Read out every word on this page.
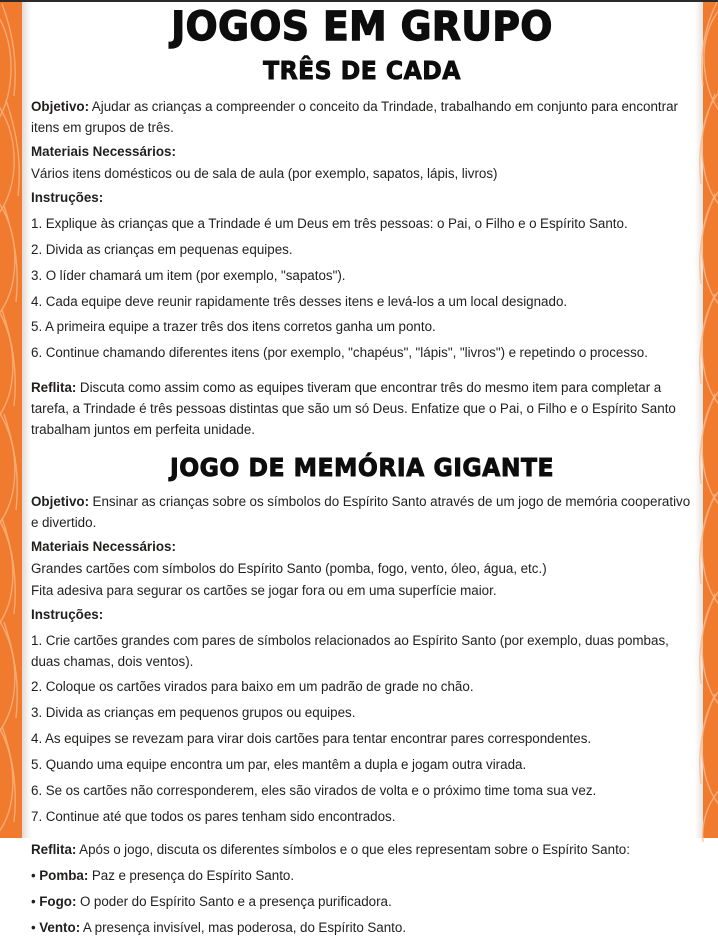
JOGOS EM GRUPO
TRÊS DE CADA

Objetivo: Ajudar as crianças a compreender o conceito da Trindade, trabalhando em conjunto para encontrar itens em grupos de três.

Materiais Necessários:

Vários itens domésticos ou de sala de aula (por exemplo, sapatos, lápis, livros)

Instruções:

1. Explique às crianças que a Trindade é um Deus em três pessoas: o Pai, o Filho e o Espírito Santo.

2. Divida as crianças em pequenas equipes.

3. O líder chamará um item (por exemplo, "sapatos").

4. Cada equipe deve reunir rapidamente três desses itens e levá-los a um local designado.

5. A primeira equipe a trazer três dos itens corretos ganha um ponto.

6. Continue chamando diferentes itens (por exemplo, "chapéus", "lápis", "livros") e repetindo o processo.

Reflita: Discuta como assim como as equipes tiveram que encontrar três do mesmo item para completar a tarefa, a Trindade é três pessoas distintas que são um só Deus. Enfatize que o Pai, o Filho e o Espírito Santo trabalham juntos em perfeita unidade.

JOGO DE MEMÓRIA GIGANTE

Objetivo: Ensinar as crianças sobre os símbolos do Espírito Santo através de um jogo de memória cooperativo e divertido.

Materiais Necessários:

Grandes cartões com símbolos do Espírito Santo (pomba, fogo, vento, óleo, água, etc.)

Fita adesiva para segurar os cartões se jogar fora ou em uma superfície maior.

Instruções:

1. Crie cartões grandes com pares de símbolos relacionados ao Espírito Santo (por exemplo, duas pombas, duas chamas, dois ventos).

2. Coloque os cartões virados para baixo em um padrão de grade no chão.

3. Divida as crianças em pequenos grupos ou equipes.

4. As equipes se revezam para virar dois cartões para tentar encontrar pares correspondentes.

5. Quando uma equipe encontra um par, eles mantêm a dupla e jogam outra virada.

6. Se os cartões não corresponderem, eles são virados de volta e o próximo time toma sua vez.

7. Continue até que todos os pares tenham sido encontrados.

Reflita: Após o jogo, discuta os diferentes símbolos e o que eles representam sobre o Espírito Santo:

• Pomba: Paz e presença do Espírito Santo.

• Fogo: O poder do Espírito Santo e a presença purificadora.

• Vento: A presença invisível, mas poderosa, do Espírito Santo.
